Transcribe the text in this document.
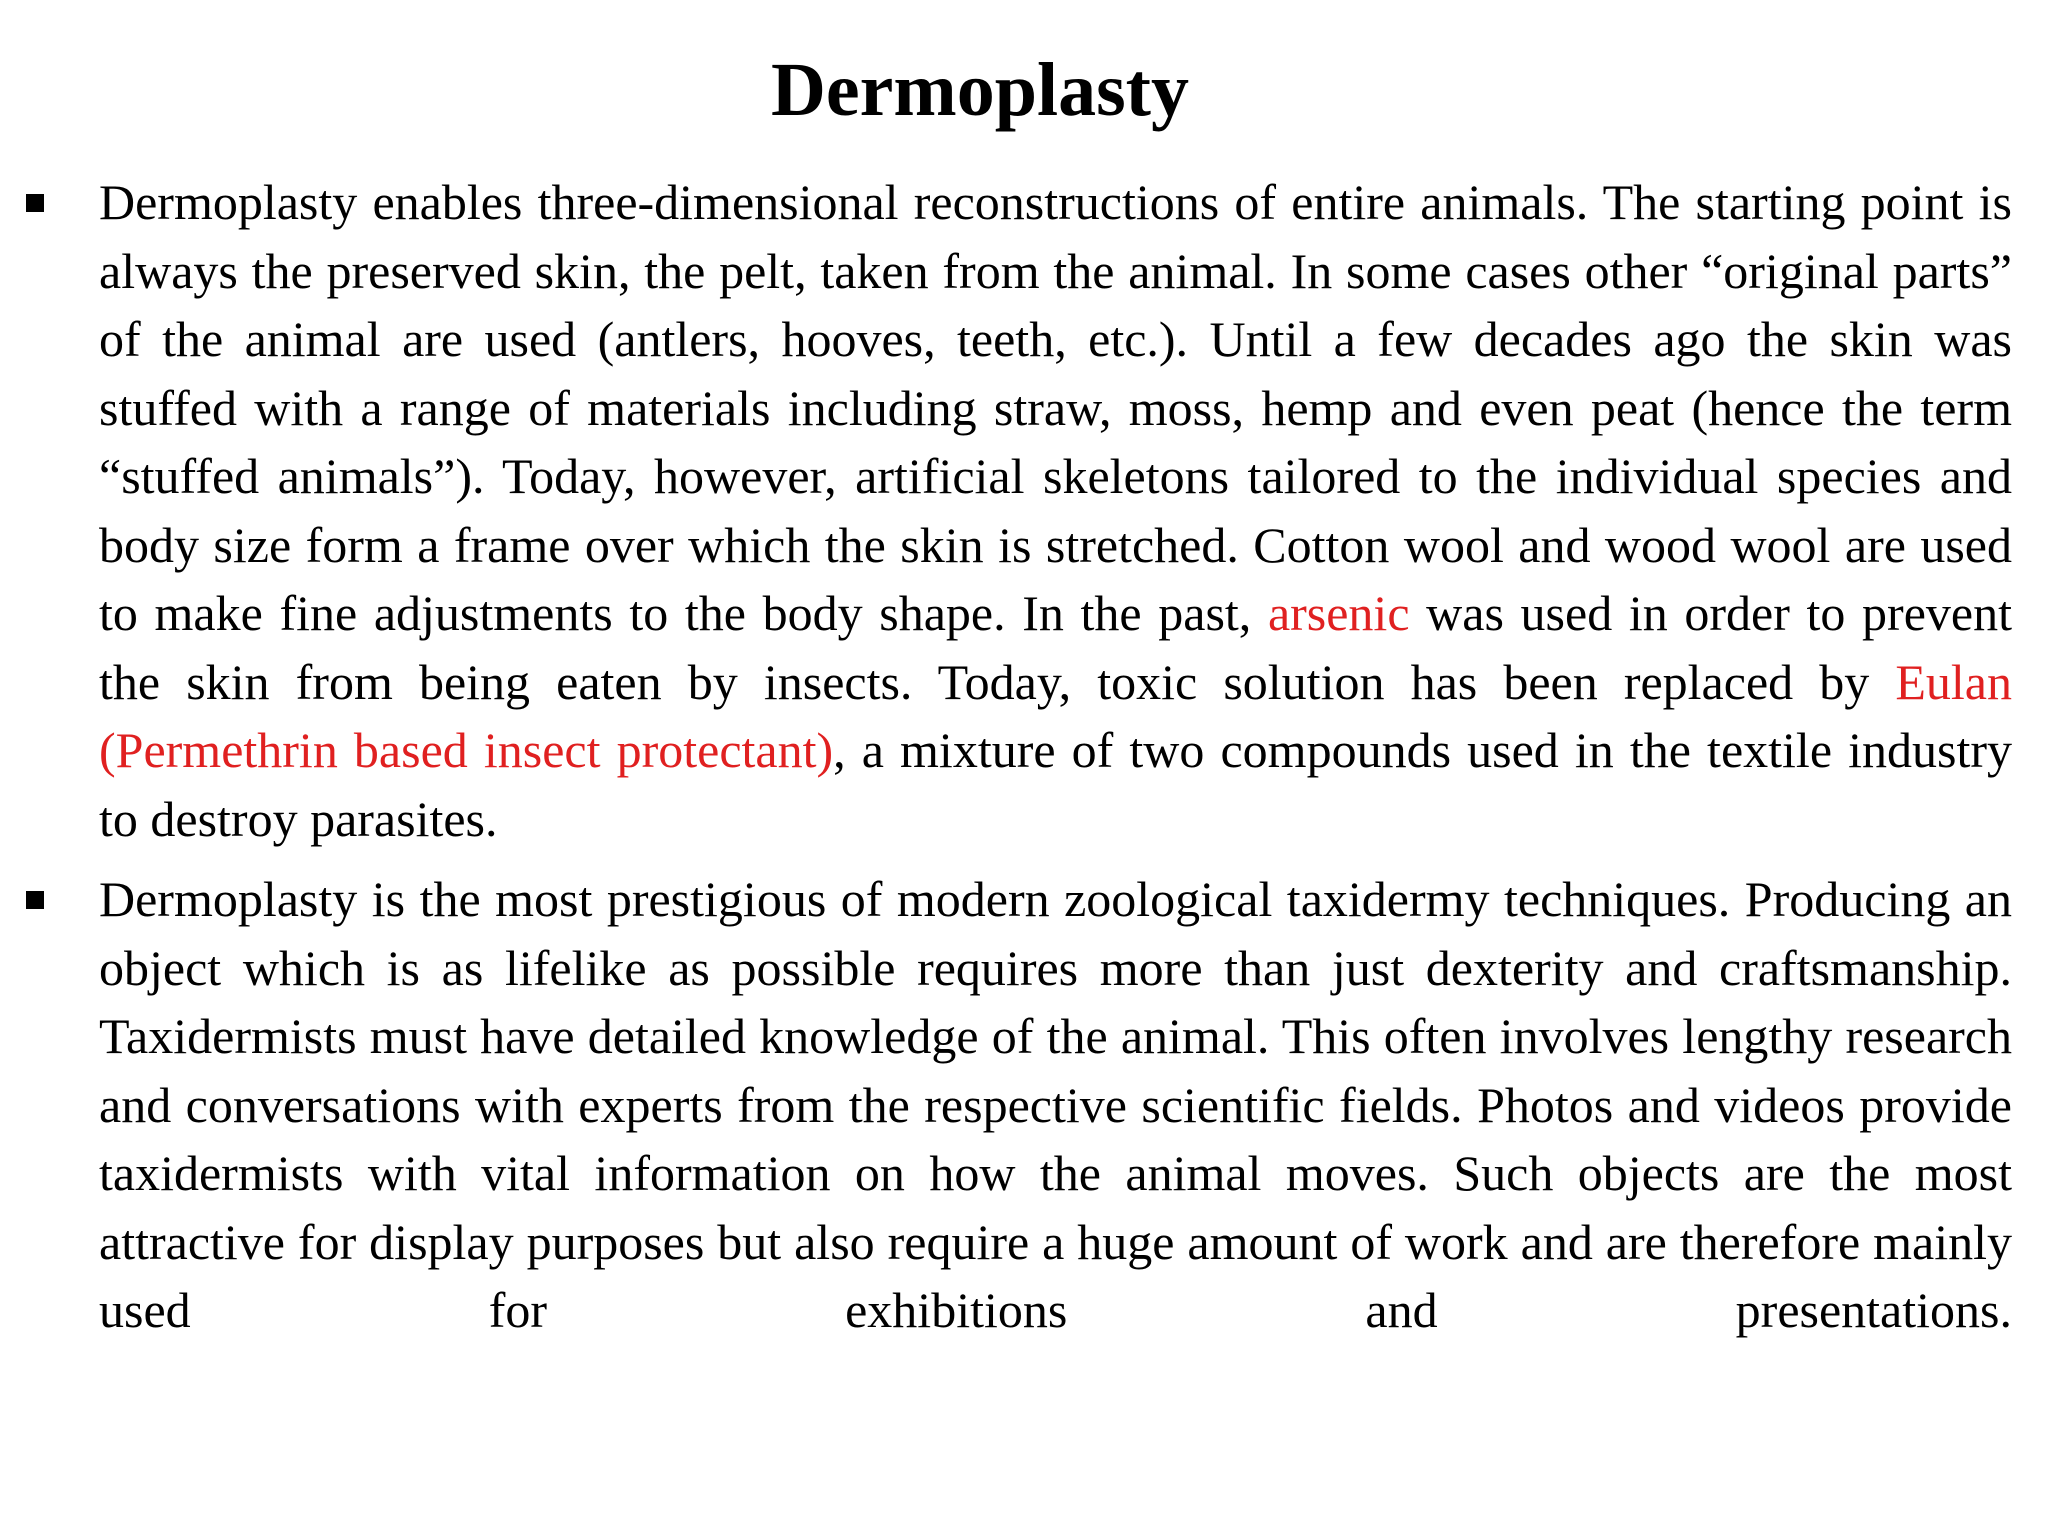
Dermoplasty

Dermoplasty enables three-dimensional reconstructions of entire animals. The starting point is always the preserved skin, the pelt, taken from the animal. In some cases other “original parts” of the animal are used (antlers, hooves, teeth, etc.). Until a few decades ago the skin was stuffed with a range of materials including straw, moss, hemp and even peat (hence the term “stuffed animals”). Today, however, artificial skeletons tailored to the individual species and body size form a frame over which the skin is stretched. Cotton wool and wood wool are used to make fine adjustments to the body shape. In the past, arsenic was used in order to prevent the skin from being eaten by insects. Today, toxic solution has been replaced by Eulan (Permethrin based insect protectant), a mixture of two compounds used in the textile industry to destroy parasites.

Dermoplasty is the most prestigious of modern zoological taxidermy techniques. Producing an object which is as lifelike as possible requires more than just dexterity and craftsmanship. Taxidermists must have detailed knowledge of the animal. This often involves lengthy research and conversations with experts from the respective scientific fields. Photos and videos provide taxidermists with vital information on how the animal moves. Such objects are the most attractive for display purposes but also require a huge amount of work and are therefore mainly used for exhibitions and presentations.
